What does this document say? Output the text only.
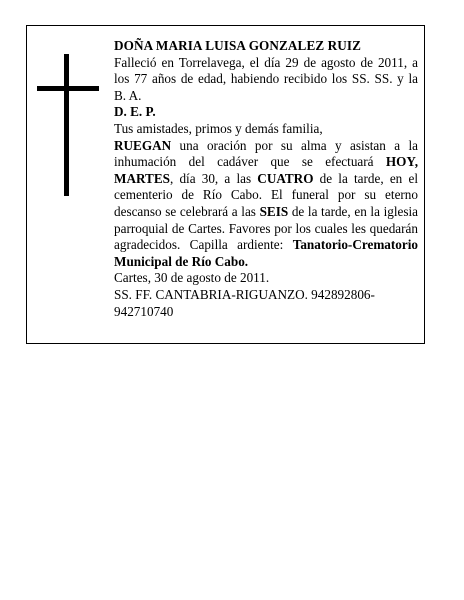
DOÑA MARIA LUISA GONZALEZ RUIZ

Falleció en Torrelavega, el día 29 de agosto de 2011, a los 77 años de edad, habiendo recibido los SS. SS. y la B. A.

D. E. P.

Tus amistades, primos y demás familia,

RUEGAN una oración por su alma y asistan a la inhumación del cadáver que se efectuará HOY, MARTES, día 30, a las CUATRO de la tarde, en el cementerio de Río Cabo. El funeral por su eterno descanso se celebrará a las SEIS de la tarde, en la iglesia parroquial de Cartes. Favores por los cuales les quedarán agradecidos. Capilla ardiente: Tanatorio-Crematorio Municipal de Río Cabo.

Cartes, 30 de agosto de 2011.

SS. FF. CANTABRIA-RIGUANZO. 942892806-942710740
